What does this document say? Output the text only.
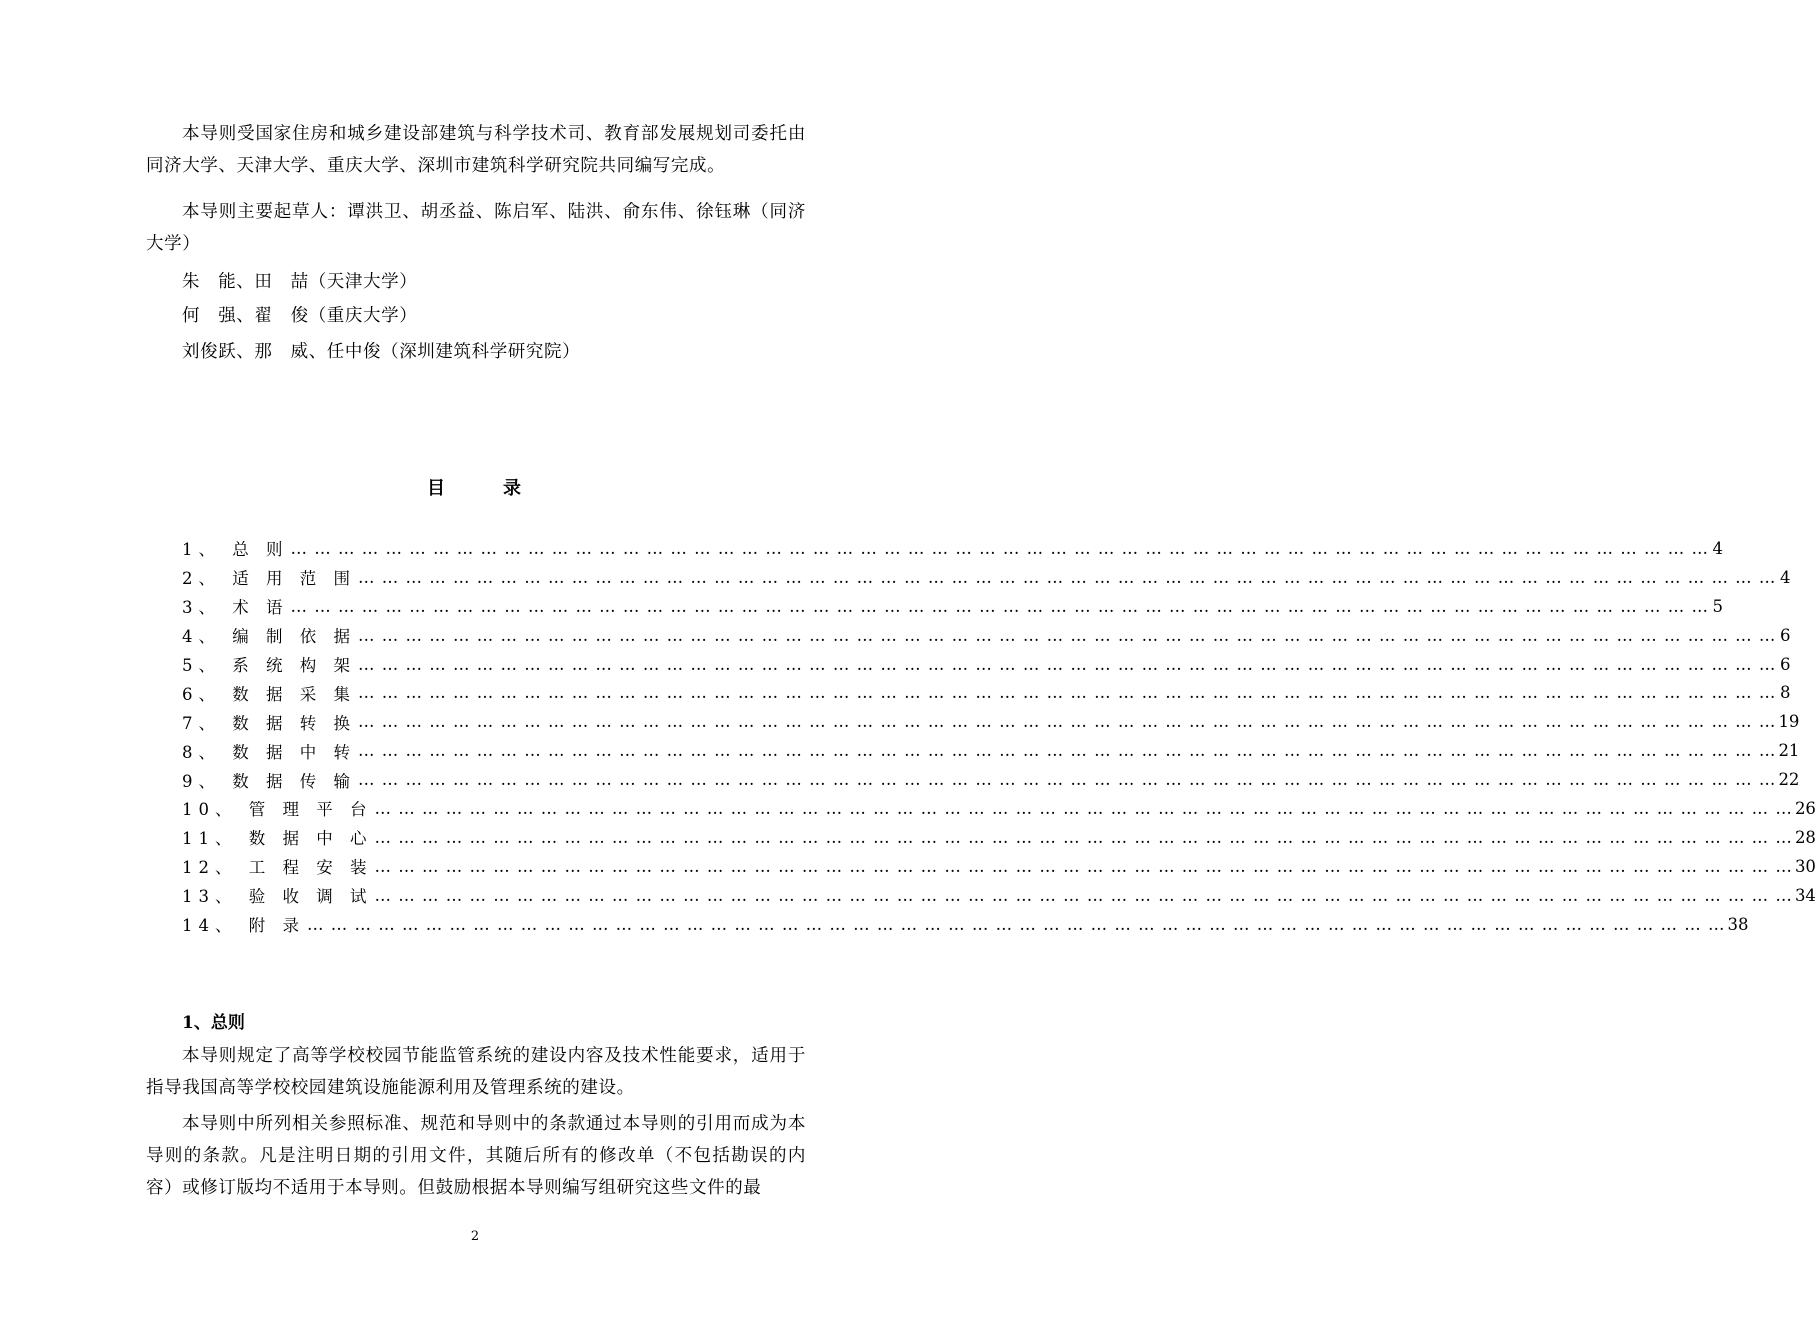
本导则受国家住房和城乡建设部建筑与科学技术司、教育部发展规划司委托由同济大学、天津大学、重庆大学、深圳市建筑科学研究院共同编写完成。
本导则主要起草人：谭洪卫、胡丞益、陈启军、陆洪、俞东伟、徐钰琳（同济大学）
朱　能、田　喆（天津大学）
何　强、翟　俊（重庆大学）
刘俊跃、那　威、任中俊（深圳建筑科学研究院）
目	录
1、 总 则 … … … … … … … … … … … … … … … … … … … … … … … … … … … … … … … … … … … … … … … … … … … … … … … … … … … … … … … … … … … … 4
2、 适 用 范 围 … … … … … … … … … … … … … … … … … … … … … … … … … … … … … … … … … … … … … … … … … … … … … … … … … … … … … … … … … … … … 4
3、 术 语 … … … … … … … … … … … … … … … … … … … … … … … … … … … … … … … … … … … … … … … … … … … … … … … … … … … … … … … … … … … … 5
4、 编 制 依 据 … … … … … … … … … … … … … … … … … … … … … … … … … … … … … … … … … … … … … … … … … … … … … … … … … … … … … … … … … … … … 6
5、 系 统 构 架 … … … … … … … … … … … … … … … … … … … … … … … … … … … … … … … … … … … … … … … … … … … … … … … … … … … … … … … … … … … … 6
6、 数 据 采 集 … … … … … … … … … … … … … … … … … … … … … … … … … … … … … … … … … … … … … … … … … … … … … … … … … … … … … … … … … … … … 8
7、 数 据 转 换 … … … … … … … … … … … … … … … … … … … … … … … … … … … … … … … … … … … … … … … … … … … … … … … … … … … … … … … … … … … … 19
8、 数 据 中 转 … … … … … … … … … … … … … … … … … … … … … … … … … … … … … … … … … … … … … … … … … … … … … … … … … … … … … … … … … … … … 21
9、 数 据 传 输 … … … … … … … … … … … … … … … … … … … … … … … … … … … … … … … … … … … … … … … … … … … … … … … … … … … … … … … … … … … … 22
10、 管 理 平 台 … … … … … … … … … … … … … … … … … … … … … … … … … … … … … … … … … … … … … … … … … … … … … … … … … … … … … … … … … … … … 26
11、 数 据 中 心 … … … … … … … … … … … … … … … … … … … … … … … … … … … … … … … … … … … … … … … … … … … … … … … … … … … … … … … … … … … … 28
12、 工 程 安 装 … … … … … … … … … … … … … … … … … … … … … … … … … … … … … … … … … … … … … … … … … … … … … … … … … … … … … … … … … … … … 30
13、 验 收 调 试 … … … … … … … … … … … … … … … … … … … … … … … … … … … … … … … … … … … … … … … … … … … … … … … … … … … … … … … … … … … … 34
14、 附 录 … … … … … … … … … … … … … … … … … … … … … … … … … … … … … … … … … … … … … … … … … … … … … … … … … … … … … … … … … … … … 38
1、总则
本导则规定了高等学校校园节能监管系统的建设内容及技术性能要求，适用于指导我国高等学校校园建筑设施能源利用及管理系统的建设。
本导则中所列相关参照标准、规范和导则中的条款通过本导则的引用而成为本导则的条款。凡是注明日期的引用文件，其随后所有的修改单（不包括勘误的内容）或修订版均不适用于本导则。但鼓励根据本导则编写组研究这些文件的最
2
